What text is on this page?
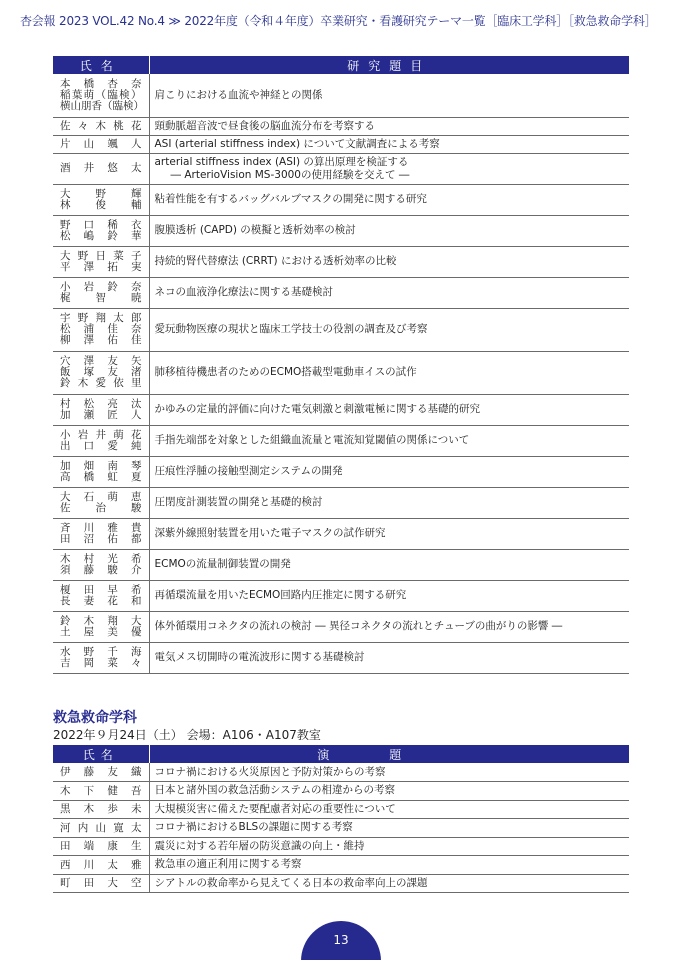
杏会報 2023 VOL.42 No.4 ≫ 2022年度（令和４年度）卒業研究・看護研究テーマ一覧［臨床工学科］［救急救命学科］
氏名	研究題目

本橋杏奈
稲葉萌（臨検）
横山朋香（臨検）	肩こりにおける血流や神経との関係

佐々木桃花	頸動脈超音波で昼食後の脳血流分布を考察する

片山颯人	ASI (arterial stiffness index) について文献調査による考察

酒井悠太	arterial stiffness index (ASI) の算出原理を検証する
― ArterioVision MS-3000の使用経験を交えて ―

大野輝
林俊輔	粘着性能を有するバッグバルブマスクの開発に関する研究

野口稀衣
松嶋鈴華	腹膜透析 (CAPD) の模擬と透析効率の検討

大野日菜子
平澤拓実	持続的腎代替療法 (CRRT) における透析効率の比較

小岩鈴奈
梶智暁	ネコの血液浄化療法に関する基礎検討

宇野翔太郎
松浦佳奈
柳澤佑佳	愛玩動物医療の現状と臨床工学技士の役割の調査及び考察

穴澤友矢
飯塚友渚
鈴木愛依里	肺移植待機患者のためのECMO搭載型電動車イスの試作

村松亮汰
加瀬匠人	かゆみの定量的評価に向けた電気刺激と刺激電極に関する基礎的研究

小岩井萌花
出口愛純	手指先端部を対象とした組織血流量と電流知覚閾値の関係について

加畑南琴
高橋虹夏	圧痕性浮腫の接触型測定システムの開発

大石萌恵
佐治駿	圧閉度計測装置の開発と基礎的検討

斉川雅貴
田沼佑都	深紫外線照射装置を用いた電子マスクの試作研究

木村光希
須藤駿介	ECMOの流量制御装置の開発

榎田早希
長妻花和	再循環流量を用いたECMO回路内圧推定に関する研究

鈴木翔大
土屋美優	体外循環用コネクタの流れの検討 ― 異径コネクタの流れとチューブの曲がりの影響 ―

水野千海
吉岡菜々	電気メス切開時の電流波形に関する基礎検討
救急救命学科
2022年９月24日（土） 会場：A106・A107教室
氏名	演題

伊藤友織	コロナ禍における火災原因と予防対策からの考察

木下健吾	日本と諸外国の救急活動システムの相違からの考察

黒木歩未	大規模災害に備えた要配慮者対応の重要性について

河内山寛太	コロナ禍におけるBLSの課題に関する考察

田端康生	震災に対する若年層の防災意識の向上・維持

西川太雅	救急車の適正利用に関する考察

町田大空	シアトルの救命率から見えてくる日本の救命率向上の課題
13
